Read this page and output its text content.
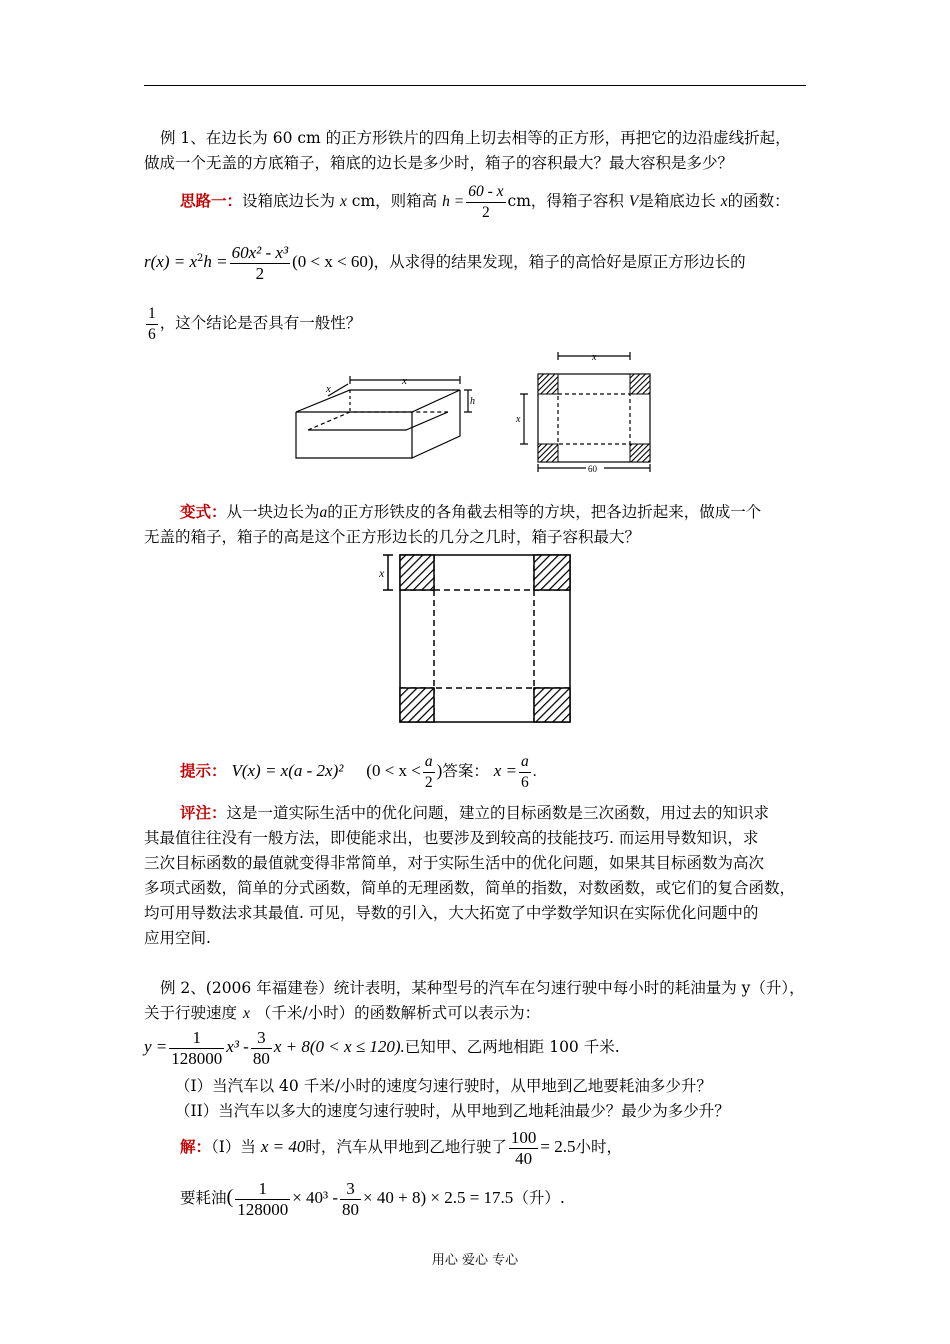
例 1、在边长为 60 cm 的正方形铁片的四角上切去相等的正方形，再把它的边沿虚线折起，
做成一个无盖的方底箱子，箱底的边长是多少时，箱子的容积最大？最大容积是多少？
思路一：设箱底边长为 x cm，则箱高 $h = \frac{60 - x}{2}$ cm，得箱子容积 V是箱底边长 x的函数：
$r(x) = x^2h = \frac{\text{60x² - x³}}{2} (0 < x < 60)$，从求得的结果发现，箱子的高恰好是原正方形边长的
$\frac{1}{6}$ ，这个结论是否具有一般性？
x
x
h
x
x
60
变式：从一块边长为a的正方形铁皮的各角截去相等的方块，把各边折起来，做成一个
无盖的箱子，箱子的高是这个正方形边长的几分之几时，箱子容积最大？
x
提示： V(x) = x(a - 2x)² ($0 < x < \frac{a}{2}$ )答案： $x = \frac{a}{6}$ .
评注：这是一道实际生活中的优化问题，建立的目标函数是三次函数，用过去的知识求
其最值往往没有一般方法，即使能求出，也要涉及到较高的技能技巧. 而运用导数知识，求
三次目标函数的最值就变得非常简单，对于实际生活中的优化问题，如果其目标函数为高次
多项式函数，简单的分式函数，简单的无理函数，简单的指数，对数函数，或它们的复合函数，
均可用导数法求其最值. 可见，导数的引入，大大拓宽了中学数学知识在实际优化问题中的
应用空间.
例 2、(2006 年福建卷）统计表明，某种型号的汽车在匀速行驶中每小时的耗油量为 y（升），
关于行驶速度 x （千米/小时）的函数解析式可以表示为：
$y = \frac{1}{128000} x^3 - \frac{3}{80}$ x + 8(0 < x ≤ 120).已知甲、乙两地相距 100 千米.
（I）当汽车以 40 千米/小时的速度匀速行驶时，从甲地到乙地要耗油多少升？
（II）当汽车以多大的速度匀速行驶时，从甲地到乙地耗油最少？最少为多少升？
解：（I）当 x = 40时，汽车从甲地到乙地行驶了 $\frac{100}{40} = 2.5$小时，
要耗油( $\frac{1}{128000} \times 40^3 - \frac{3}{80} \times 40 + 8) \times 2.5 = 17.5$（升）.
用心 爱心 专心
